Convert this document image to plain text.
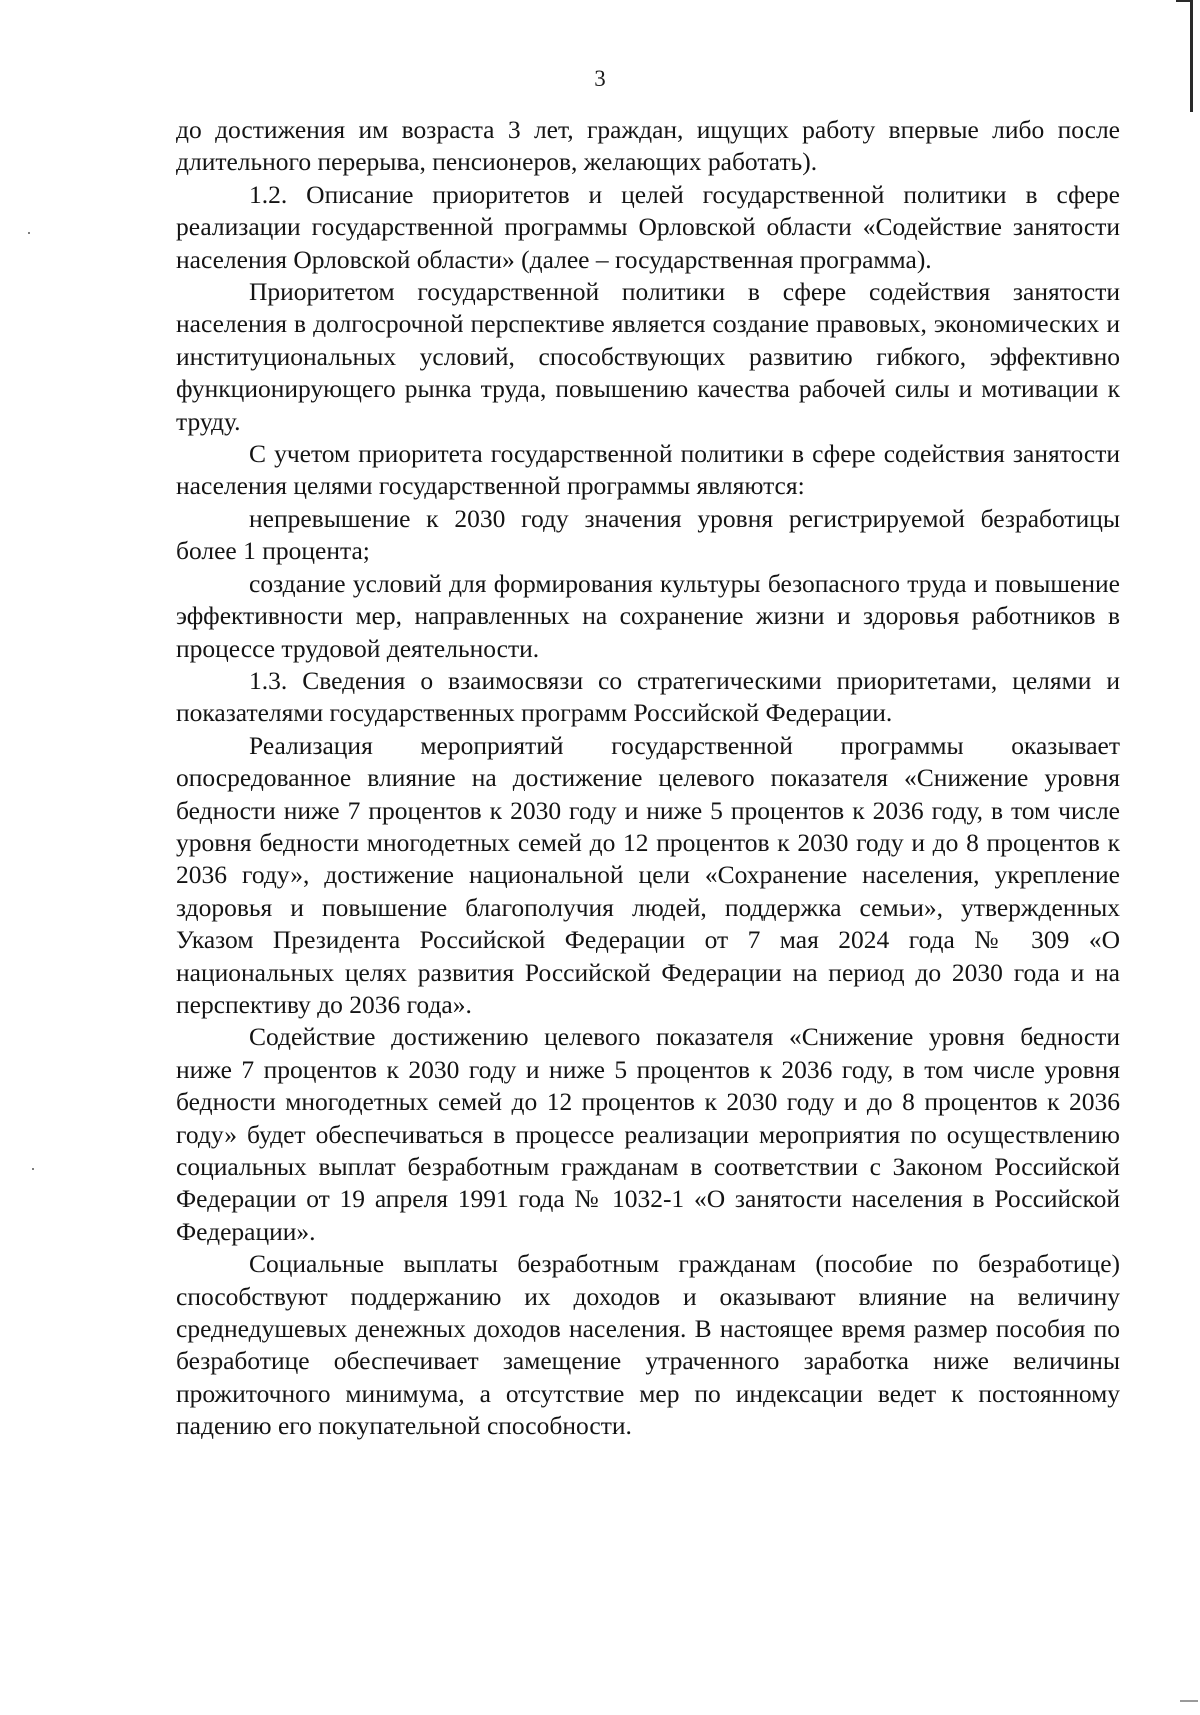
3

до достижения им возраста 3 лет, граждан, ищущих работу впервые либо после длительного перерыва, пенсионеров, желающих работать).

1.2. Описание приоритетов и целей государственной политики в сфере реализации государственной программы Орловской области «Содействие занятости населения Орловской области» (далее – государственная программа).

Приоритетом государственной политики в сфере содействия занятости населения в долгосрочной перспективе является создание правовых, экономических и институциональных условий, способствующих развитию гибкого, эффективно функционирующего рынка труда, повышению качества рабочей силы и мотивации к труду.

С учетом приоритета государственной политики в сфере содействия занятости населения целями государственной программы являются:

непревышение к 2030 году значения уровня регистрируемой безработицы более 1 процента;

создание условий для формирования культуры безопасного труда и повышение эффективности мер, направленных на сохранение жизни и здоровья работников в процессе трудовой деятельности.

1.3. Сведения о взаимосвязи со стратегическими приоритетами, целями и показателями государственных программ Российской Федерации.

Реализация мероприятий государственной программы оказывает опосредованное влияние на достижение целевого показателя «Снижение уровня бедности ниже 7 процентов к 2030 году и ниже 5 процентов к 2036 году, в том числе уровня бедности многодетных семей до 12 процентов к 2030 году и до 8 процентов к 2036 году», достижение национальной цели «Сохранение населения, укрепление здоровья и повышение благополучия людей, поддержка семьи», утвержденных Указом Президента Российской Федерации от 7 мая 2024 года № 309 «О национальных целях развития Российской Федерации на период до 2030 года и на перспективу до 2036 года».

Содействие достижению целевого показателя «Снижение уровня бедности ниже 7 процентов к 2030 году и ниже 5 процентов к 2036 году, в том числе уровня бедности многодетных семей до 12 процентов к 2030 году и до 8 процентов к 2036 году» будет обеспечиваться в процессе реализации мероприятия по осуществлению социальных выплат безработным гражданам в соответствии с Законом Российской Федерации от 19 апреля 1991 года № 1032-1 «О занятости населения в Российской Федерации».

Социальные выплаты безработным гражданам (пособие по безработице) способствуют поддержанию их доходов и оказывают влияние на величину среднедушевых денежных доходов населения. В настоящее время размер пособия по безработице обеспечивает замещение утраченного заработка ниже величины прожиточного минимума, а отсутствие мер по индексации ведет к постоянному падению его покупательной способности.
